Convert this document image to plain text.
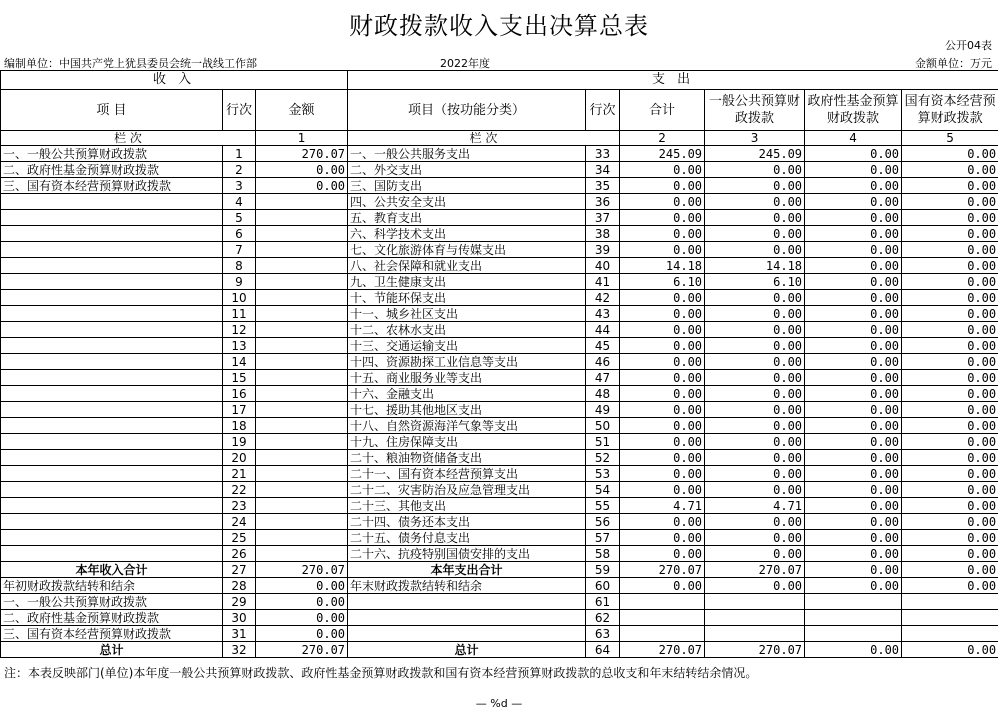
财政拨款收入支出决算总表
公开04表
编制单位：中国共产党上犹县委员会统一战线工作部	2022年度	金额单位：万元
收 入			支 出					
项 目	行次	金额	项目（按功能分类）	行次	合计	一般公共预算财政拨款	政府性基金预算财政拨款	国有资本经营预算财政拨款
栏 次		1	栏 次		2	3	4	5
一、一般公共预算财政拨款	1	270.07	一、一般公共服务支出	33	245.09	245.09	0.00	0.00
二、政府性基金预算财政拨款	2	0.00	二、外交支出	34	0.00	0.00	0.00	0.00
三、国有资本经营预算财政拨款	3	0.00	三、国防支出	35	0.00	0.00	0.00	0.00
	4		四、公共安全支出	36	0.00	0.00	0.00	0.00
	5		五、教育支出	37	0.00	0.00	0.00	0.00
	6		六、科学技术支出	38	0.00	0.00	0.00	0.00
	7		七、文化旅游体育与传媒支出	39	0.00	0.00	0.00	0.00
	8		八、社会保障和就业支出	40	14.18	14.18	0.00	0.00
	9		九、卫生健康支出	41	6.10	6.10	0.00	0.00
	10		十、节能环保支出	42	0.00	0.00	0.00	0.00
	11		十一、城乡社区支出	43	0.00	0.00	0.00	0.00
	12		十二、农林水支出	44	0.00	0.00	0.00	0.00
	13		十三、交通运输支出	45	0.00	0.00	0.00	0.00
	14		十四、资源勘探工业信息等支出	46	0.00	0.00	0.00	0.00
	15		十五、商业服务业等支出	47	0.00	0.00	0.00	0.00
	16		十六、金融支出	48	0.00	0.00	0.00	0.00
	17		十七、援助其他地区支出	49	0.00	0.00	0.00	0.00
	18		十八、自然资源海洋气象等支出	50	0.00	0.00	0.00	0.00
	19		十九、住房保障支出	51	0.00	0.00	0.00	0.00
	20		二十、粮油物资储备支出	52	0.00	0.00	0.00	0.00
	21		二十一、国有资本经营预算支出	53	0.00	0.00	0.00	0.00
	22		二十二、灾害防治及应急管理支出	54	0.00	0.00	0.00	0.00
	23		二十三、其他支出	55	4.71	4.71	0.00	0.00
	24		二十四、债务还本支出	56	0.00	0.00	0.00	0.00
	25		二十五、债务付息支出	57	0.00	0.00	0.00	0.00
	26		二十六、抗疫特别国债安排的支出	58	0.00	0.00	0.00	0.00
本年收入合计	27	270.07	本年支出合计	59	270.07	270.07	0.00	0.00
年初财政拨款结转和结余	28	0.00	年末财政拨款结转和结余	60	0.00	0.00	0.00	0.00
一、一般公共预算财政拨款	29	0.00		61				
二、政府性基金预算财政拨款	30	0.00		62				
三、国有资本经营预算财政拨款	31	0.00		63				
总计	32	270.07	总计	64	270.07	270.07	0.00	0.00
注：本表反映部门(单位)本年度一般公共预算财政拨款、政府性基金预算财政拨款和国有资本经营预算财政拨款的总收支和年末结转结余情况。
— %d —
